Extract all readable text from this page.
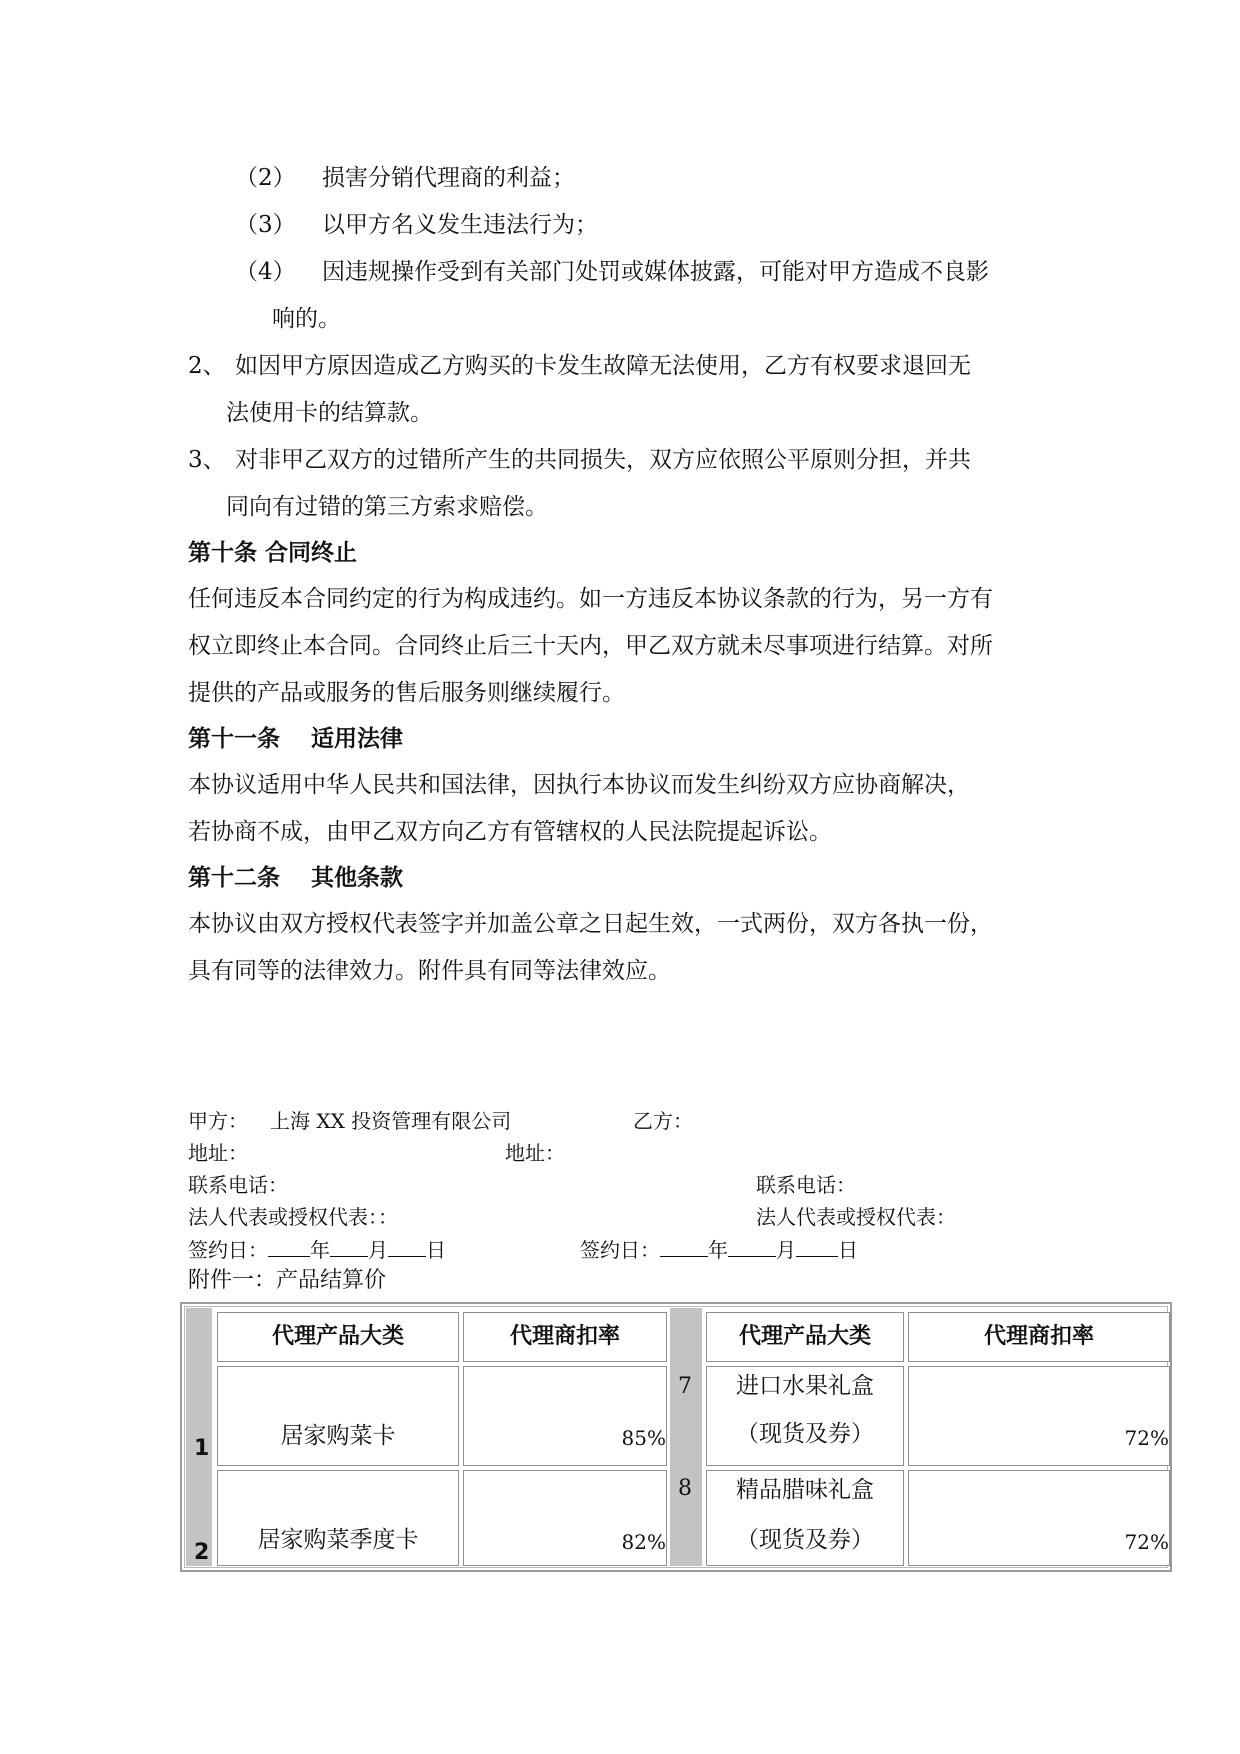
（2） 损害分销代理商的利益；
（3） 以甲方名义发生违法行为；
（4） 因违规操作受到有关部门处罚或媒体披露，可能对甲方造成不良影
响的。
2、 如因甲方原因造成乙方购买的卡发生故障无法使用，乙方有权要求退回无
法使用卡的结算款。
3、 对非甲乙双方的过错所产生的共同损失，双方应依照公平原则分担，并共
同向有过错的第三方索求赔偿。
第十条 合同终止
任何违反本合同约定的行为构成违约。如一方违反本协议条款的行为，另一方有
权立即终止本合同。合同终止后三十天内，甲乙双方就未尽事项进行结算。对所
提供的产品或服务的售后服务则继续履行。
第十一条　 适用法律
本协议适用中华人民共和国法律，因执行本协议而发生纠纷双方应协商解决，
若协商不成，由甲乙双方向乙方有管辖权的人民法院提起诉讼。
第十二条　 其他条款
本协议由双方授权代表签字并加盖公章之日起生效，一式两份，双方各执一份，
具有同等的法律效力。附件具有同等法律效应。
甲方： 上海 XX 投资管理有限公司	乙方：
地址：	地址：
联系电话：	联系电话：
法人代表或授权代表：：	法人代表或授权代表：
签约日： 年 月 日	签约日： 年 月 日
附件一：产品结算价
代理产品大类	代理商扣率	代理产品大类	代理商扣率
1	居家购菜卡	85%
2	居家购菜季度卡	82%
7	进口水果礼盒
（现货及券）	72%
8	精品腊味礼盒
（现货及券）	72%
